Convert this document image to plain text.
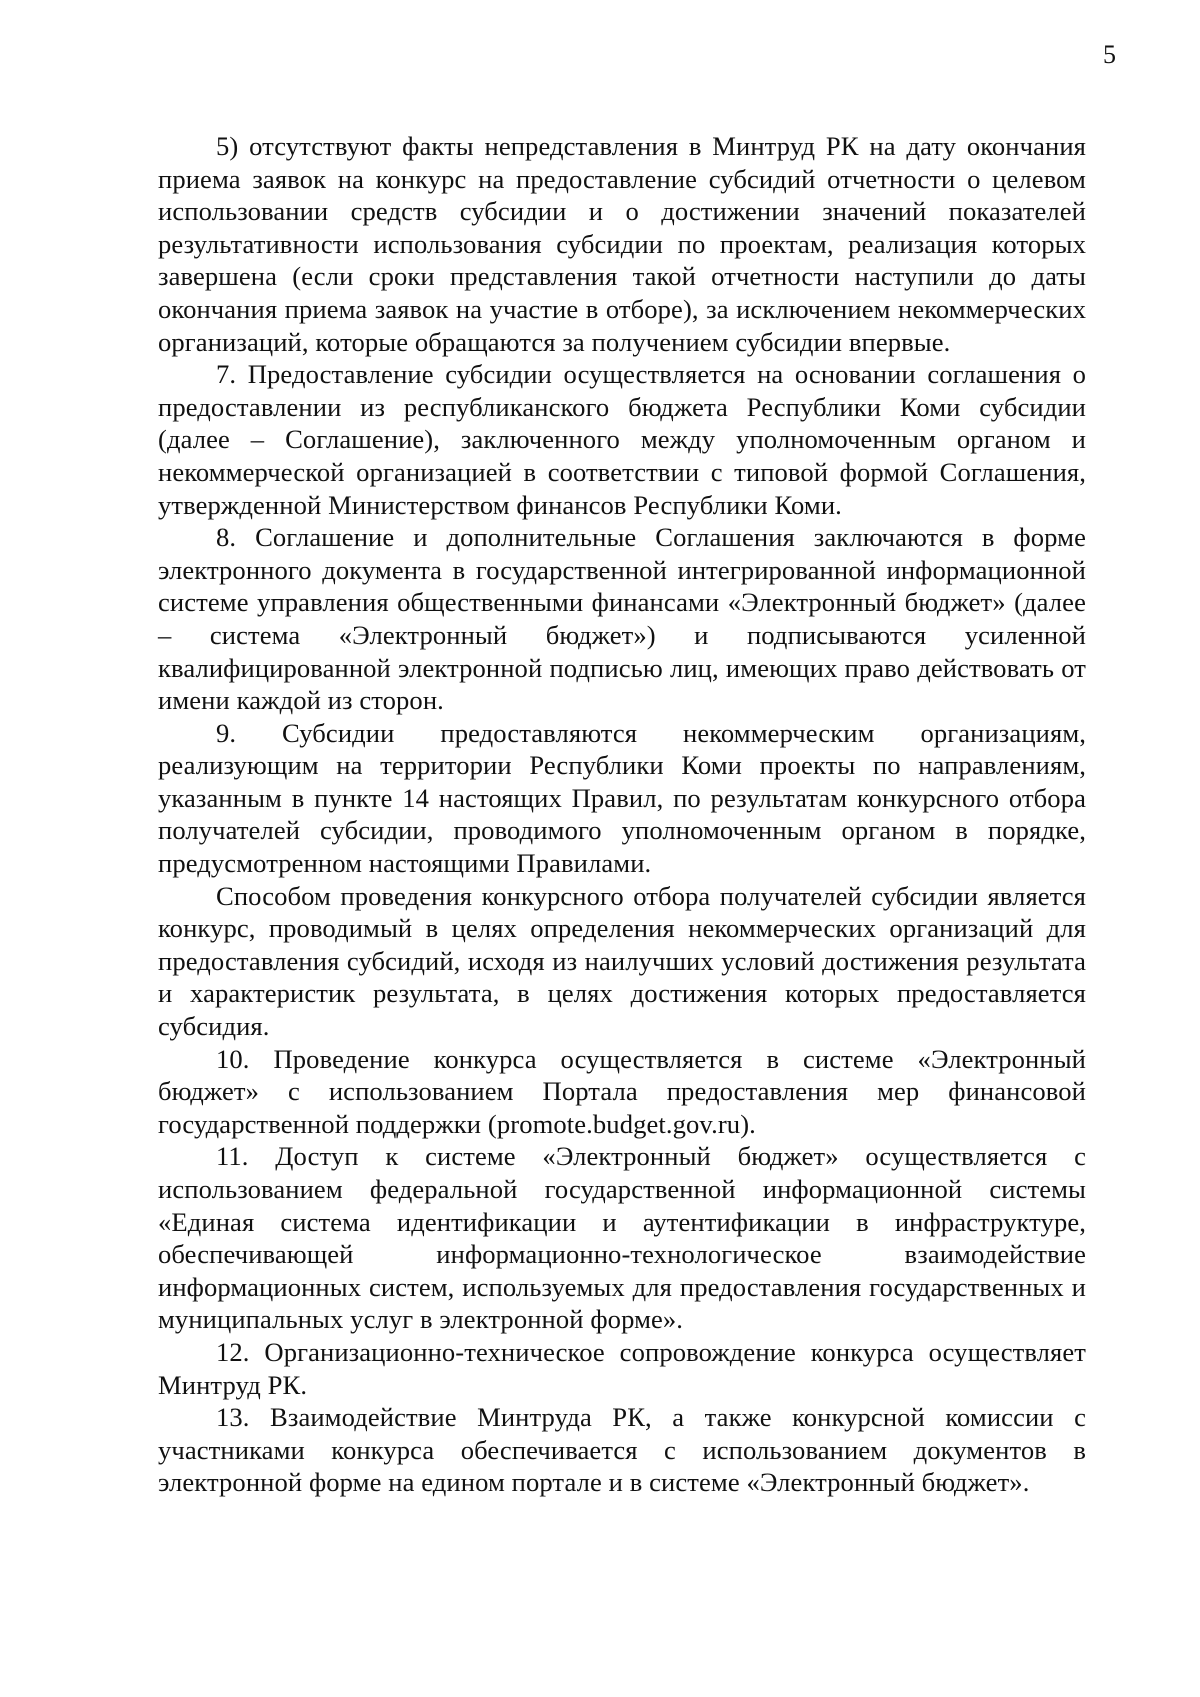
5

5) отсутствуют факты непредставления в Минтруд РК на дату окончания приема заявок на конкурс на предоставление субсидий отчетности о целевом использовании средств субсидии и о достижении значений показателей результативности использования субсидии по проектам, реализация которых завершена (если сроки представления такой отчетности наступили до даты окончания приема заявок на участие в отборе), за исключением некоммерческих организаций, которые обращаются за получением субсидии впервые.

7. Предоставление субсидии осуществляется на основании соглашения о предоставлении из республиканского бюджета Республики Коми субсидии (далее – Соглашение), заключенного между уполномоченным органом и некоммерческой организацией в соответствии с типовой формой Соглашения, утвержденной Министерством финансов Республики Коми.

8. Соглашение и дополнительные Соглашения заключаются в форме электронного документа в государственной интегрированной информационной системе управления общественными финансами «Электронный бюджет» (далее – система «Электронный бюджет») и подписываются усиленной квалифицированной электронной подписью лиц, имеющих право действовать от имени каждой из сторон.

9. Субсидии предоставляются некоммерческим организациям, реализующим на территории Республики Коми проекты по направлениям, указанным в пункте 14 настоящих Правил, по результатам конкурсного отбора получателей субсидии, проводимого уполномоченным органом в порядке, предусмотренном настоящими Правилами.

Способом проведения конкурсного отбора получателей субсидии является конкурс, проводимый в целях определения некоммерческих организаций для предоставления субсидий, исходя из наилучших условий достижения результата и характеристик результата, в целях достижения которых предоставляется субсидия.

10. Проведение конкурса осуществляется в системе «Электронный бюджет» с использованием Портала предоставления мер финансовой государственной поддержки (promote.budget.gov.ru).

11. Доступ к системе «Электронный бюджет» осуществляется с использованием федеральной государственной информационной системы «Единая система идентификации и аутентификации в инфраструктуре, обеспечивающей информационно-технологическое взаимодействие информационных систем, используемых для предоставления государственных и муниципальных услуг в электронной форме».

12. Организационно-техническое сопровождение конкурса осуществляет Минтруд РК.

13. Взаимодействие Минтруда РК, а также конкурсной комиссии с участниками конкурса обеспечивается с использованием документов в электронной форме на едином портале и в системе «Электронный бюджет».
